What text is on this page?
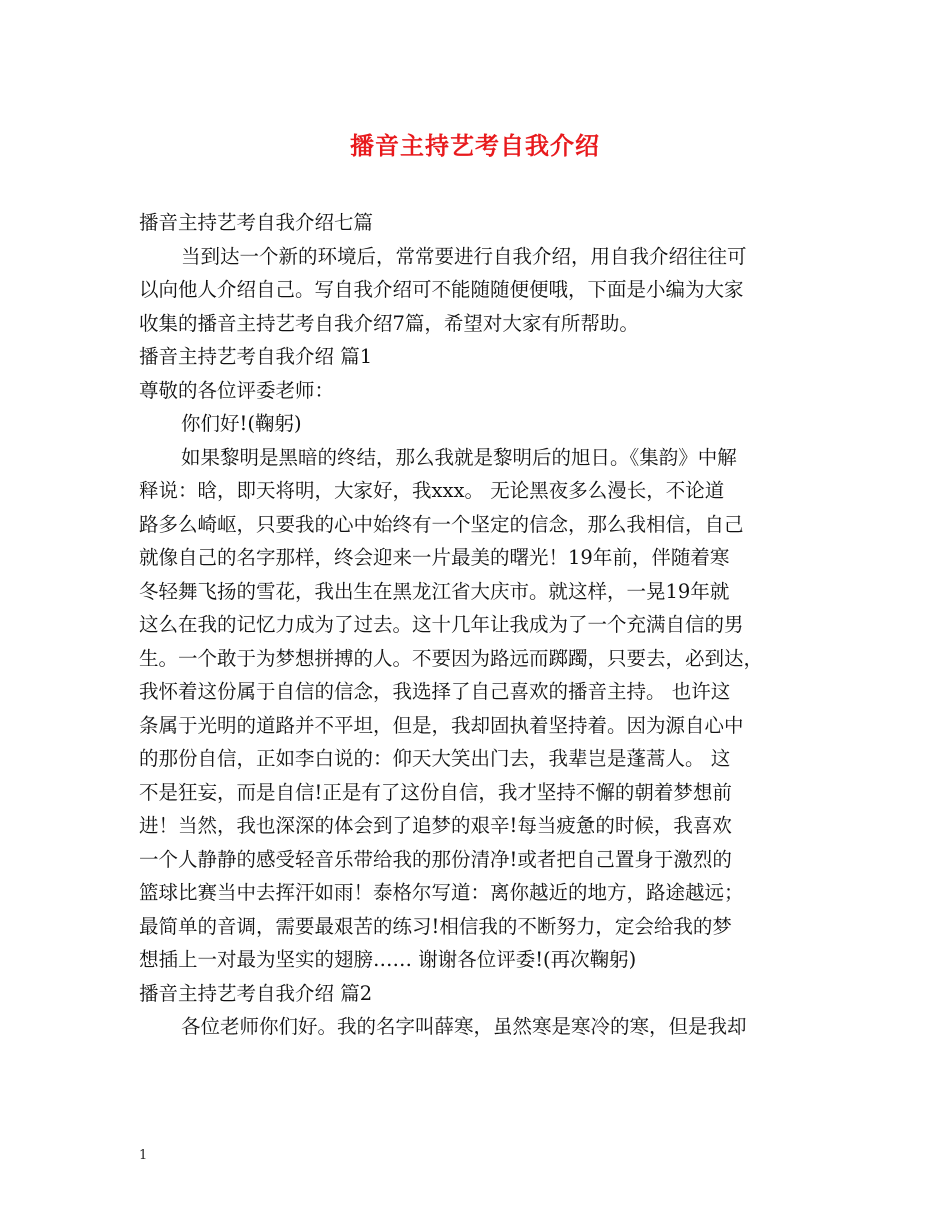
播音主持艺考自我介绍
播音主持艺考自我介绍七篇
当到达一个新的环境后，常常要进行自我介绍，用自我介绍往往可
以向他人介绍自己。写自我介绍可不能随随便便哦，下面是小编为大家
收集的播音主持艺考自我介绍7篇，希望对大家有所帮助。
播音主持艺考自我介绍 篇1
尊敬的各位评委老师：
你们好!(鞠躬)
如果黎明是黑暗的终结，那么我就是黎明后的旭日。《集韵》中解
释说：晗，即天将明，大家好，我xxx。 无论黑夜多么漫长，不论道
路多么崎岖，只要我的心中始终有一个坚定的信念，那么我相信，自己
就像自己的名字那样，终会迎来一片最美的曙光！19年前，伴随着寒
冬轻舞飞扬的雪花，我出生在黑龙江省大庆市。就这样，一晃19年就
这么在我的记忆力成为了过去。这十几年让我成为了一个充满自信的男
生。一个敢于为梦想拼搏的人。不要因为路远而踯躅，只要去，必到达，
我怀着这份属于自信的信念，我选择了自己喜欢的播音主持。 也许这
条属于光明的道路并不平坦，但是，我却固执着坚持着。因为源自心中
的那份自信，正如李白说的：仰天大笑出门去，我辈岂是蓬蒿人。 这
不是狂妄，而是自信!正是有了这份自信，我才坚持不懈的朝着梦想前
进！当然，我也深深的体会到了追梦的艰辛!每当疲惫的时候，我喜欢
一个人静静的感受轻音乐带给我的那份清净!或者把自己置身于激烈的
篮球比赛当中去挥汗如雨！泰格尔写道：离你越近的地方，路途越远；
最简单的音调，需要最艰苦的练习!相信我的不断努力，定会给我的梦
想插上一对最为坚实的翅膀…… 谢谢各位评委!(再次鞠躬)
播音主持艺考自我介绍 篇2
各位老师你们好。我的名字叫薛寒，虽然寒是寒冷的寒，但是我却
1
